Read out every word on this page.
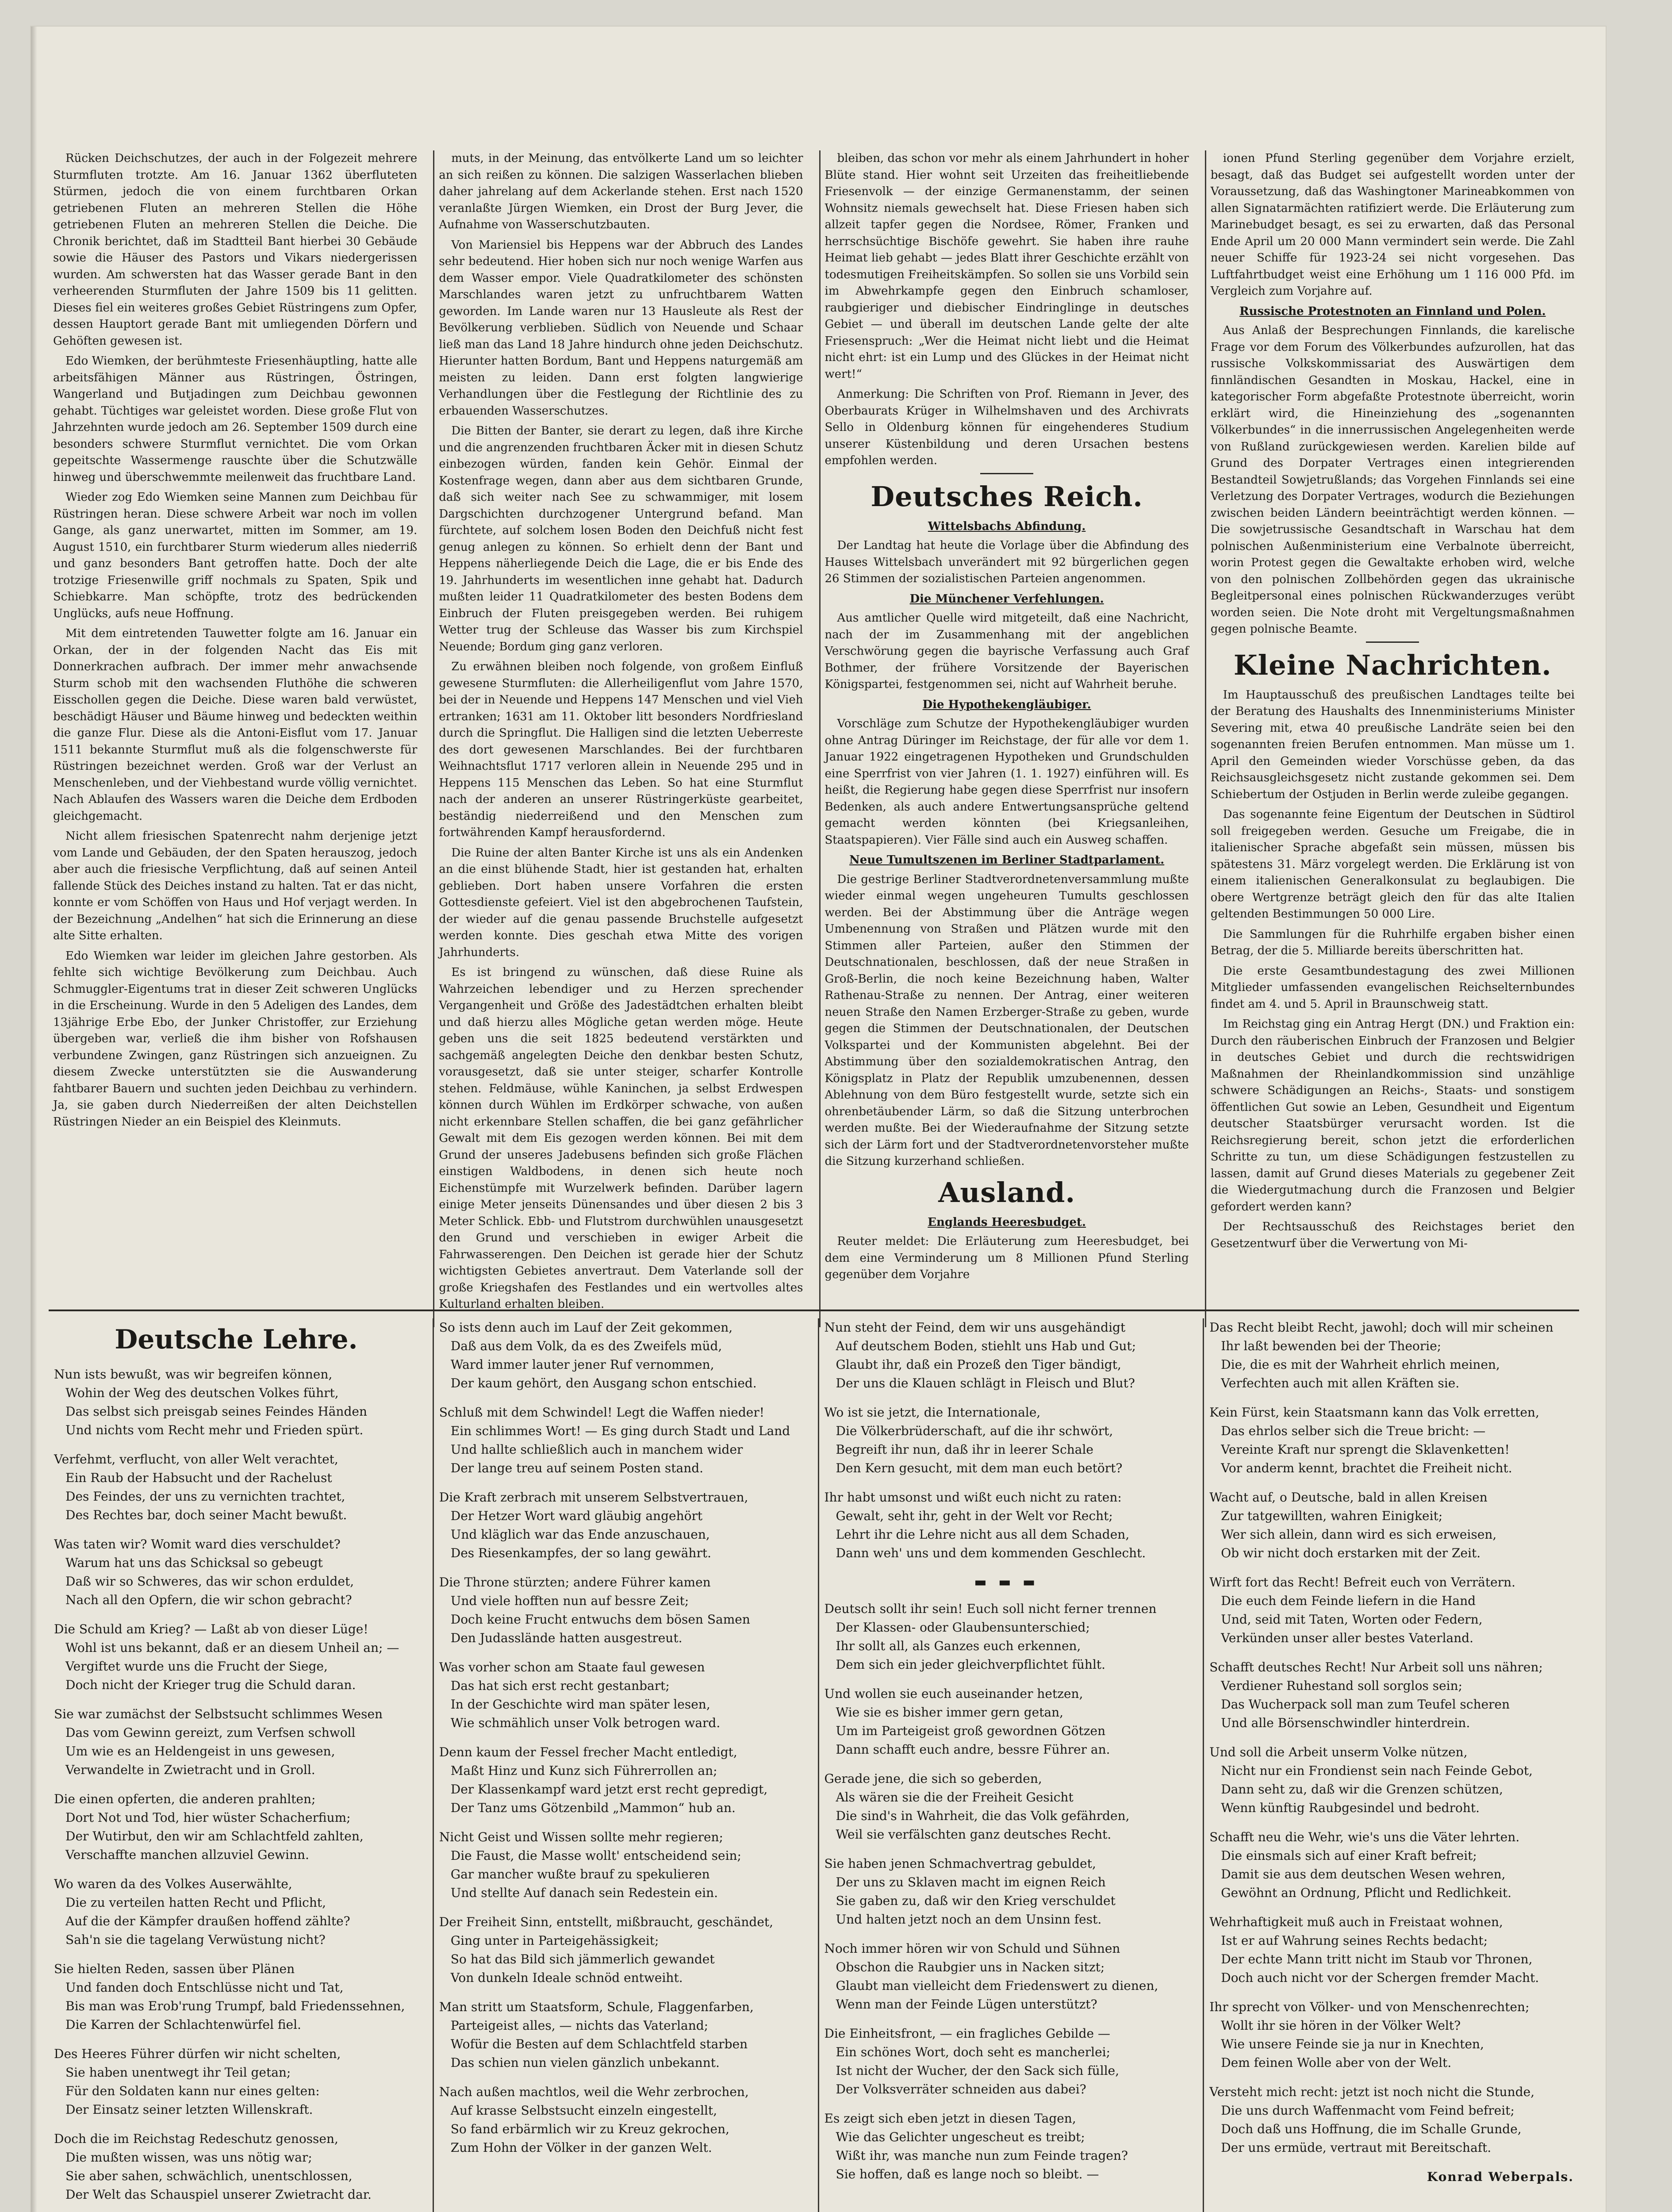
Rücken Deichschutzes, der auch in der Folgezeit mehrere Sturmfluten trotzte. Am 16. Januar 1362 überfluteten Stürmen, jedoch die von einem furchtbaren Orkan getriebenen Fluten an mehreren Stellen die Höhe getriebenen Fluten an mehreren Stellen die Deiche. Die Chronik berichtet, daß im Stadtteil Bant hierbei 30 Gebäude sowie die Häuser des Pastors und Vikars niedergerissen wurden. Am schwersten hat das Wasser gerade Bant in den verheerenden Sturmfluten der Jahre 1509 bis 11 gelitten. Dieses fiel ein weiteres großes Gebiet Rüstringens zum Opfer, dessen Hauptort gerade Bant mit umliegenden Dörfern und Gehöften gewesen ist.

Edo Wiemken, der berühmteste Friesenhäuptling, hatte alle arbeitsfähigen Männer aus Rüstringen, Östringen, Wangerland und Butjadingen zum Deichbau gewonnen gehabt. Tüchtiges war geleistet worden. Diese große Flut von Jahrzehnten wurde jedoch am 26. September 1509 durch eine besonders schwere Sturmflut vernichtet. Die vom Orkan gepeitschte Wassermenge rauschte über die Schutzwälle hinweg und überschwemmte meilenweit das fruchtbare Land.

Wieder zog Edo Wiemken seine Mannen zum Deichbau für Rüstringen heran. Diese schwere Arbeit war noch im vollen Gange, als ganz unerwartet, mitten im Sommer, am 19. August 1510, ein furchtbarer Sturm wiederum alles niederriß und ganz besonders Bant getroffen hatte. Doch der alte trotzige Friesenwille griff nochmals zu Spaten, Spik und Schiebkarre. Man schöpfte, trotz des bedrückenden Unglücks, aufs neue Hoffnung.

Mit dem eintretenden Tauwetter folgte am 16. Januar ein Orkan, der in der folgenden Nacht das Eis mit Donnerkrachen aufbrach. Der immer mehr anwachsende Sturm schob mit den wachsenden Fluthöhe die schweren Eisschollen gegen die Deiche. Diese waren bald verwüstet, beschädigt Häuser und Bäume hinweg und bedeckten weithin die ganze Flur. Diese als die Antoni-Eisflut vom 17. Januar 1511 bekannte Sturmflut muß als die folgenschwerste für Rüstringen bezeichnet werden. Groß war der Verlust an Menschenleben, und der Viehbestand wurde völlig vernichtet. Nach Ablaufen des Wassers waren die Deiche dem Erdboden gleichgemacht.

Nicht allem friesischen Spatenrecht nahm derjenige jetzt vom Lande und Gebäuden, der den Spaten herauszog, jedoch aber auch die friesische Verpflichtung, daß auf seinen Anteil fallende Stück des Deiches instand zu halten. Tat er das nicht, konnte er vom Schöffen von Haus und Hof verjagt werden. In der Bezeichnung „Andelhen“ hat sich die Erinnerung an diese alte Sitte erhalten.

Edo Wiemken war leider im gleichen Jahre gestorben. Als fehlte sich wichtige Bevölkerung zum Deichbau. Auch Schmuggler-Eigentums trat in dieser Zeit schweren Unglücks in die Erscheinung. Wurde in den 5 Adeligen des Landes, dem 13jährige Erbe Ebo, der Junker Christoffer, zur Erziehung übergeben war, verließ die ihm bisher von Rofshausen verbundene Zwingen, ganz Rüstringen sich anzueignen. Zu diesem Zwecke unterstützten sie die Auswanderung fahtbarer Bauern und suchten jeden Deichbau zu verhindern. Ja, sie gaben durch Niederreißen der alten Deichstellen Rüstringen Nieder an ein Beispiel des Kleinmuts.

muts, in der Meinung, das entvölkerte Land um so leichter an sich reißen zu können. Die salzigen Wasserlachen blieben daher jahrelang auf dem Ackerlande stehen. Erst nach 1520 veranlaßte Jürgen Wiemken, ein Drost der Burg Jever, die Aufnahme von Wasserschutzbauten.

Von Mariensiel bis Heppens war der Abbruch des Landes sehr bedeutend. Hier hoben sich nur noch wenige Warfen aus dem Wasser empor. Viele Quadratkilometer des schönsten Marschlandes waren jetzt zu unfruchtbarem Watten geworden. Im Lande waren nur 13 Hausleute als Rest der Bevölkerung verblieben. Südlich von Neuende und Schaar ließ man das Land 18 Jahre hindurch ohne jeden Deichschutz. Hierunter hatten Bordum, Bant und Heppens naturgemäß am meisten zu leiden. Dann erst folgten langwierige Verhandlungen über die Festlegung der Richtlinie des zu erbauenden Wasserschutzes.

Die Bitten der Banter, sie derart zu legen, daß ihre Kirche und die angrenzenden fruchtbaren Äcker mit in diesen Schutz einbezogen würden, fanden kein Gehör. Einmal der Kostenfrage wegen, dann aber aus dem sichtbaren Grunde, daß sich weiter nach See zu schwammiger, mit losem Dargschichten durchzogener Untergrund befand. Man fürchtete, auf solchem losen Boden den Deichfuß nicht fest genug anlegen zu können. So erhielt denn der Bant und Heppens näherliegende Deich die Lage, die er bis Ende des 19. Jahrhunderts im wesentlichen inne gehabt hat. Dadurch mußten leider 11 Quadratkilometer des besten Bodens dem Einbruch der Fluten preisgegeben werden. Bei ruhigem Wetter trug der Schleuse das Wasser bis zum Kirchspiel Neuende; Bordum ging ganz verloren.

Zu erwähnen bleiben noch folgende, von großem Einfluß gewesene Sturmfluten: die Allerheiligenflut vom Jahre 1570, bei der in Neuende und Heppens 147 Menschen und viel Vieh ertranken; 1631 am 11. Oktober litt besonders Nordfriesland durch die Springflut. Die Halligen sind die letzten Ueberreste des dort gewesenen Marschlandes. Bei der furchtbaren Weihnachtsflut 1717 verloren allein in Neuende 295 und in Heppens 115 Menschen das Leben. So hat eine Sturmflut nach der anderen an unserer Rüstringerküste gearbeitet, beständig niederreißend und den Menschen zum fortwährenden Kampf herausfordernd.

Die Ruine der alten Banter Kirche ist uns als ein Andenken an die einst blühende Stadt, hier ist gestanden hat, erhalten geblieben. Dort haben unsere Vorfahren die ersten Gottesdienste gefeiert. Viel ist den abgebrochenen Taufstein, der wieder auf die genau passende Bruchstelle aufgesetzt werden konnte. Dies geschah etwa Mitte des vorigen Jahrhunderts.

Es ist bringend zu wünschen, daß diese Ruine als Wahrzeichen lebendiger und zu Herzen sprechender Vergangenheit und Größe des Jadestädtchen erhalten bleibt und daß hierzu alles Mögliche getan werden möge. Heute geben uns die seit 1825 bedeutend verstärkten und sachgemäß angelegten Deiche den denkbar besten Schutz, vorausgesetzt, daß sie unter steiger, scharfer Kontrolle stehen. Feldmäuse, wühle Kaninchen, ja selbst Erdwespen können durch Wühlen im Erdkörper schwache, von außen nicht erkennbare Stellen schaffen, die bei ganz gefährlicher Gewalt mit dem Eis gezogen werden können. Bei mit dem Grund der unseres Jadebusens befinden sich große Flächen einstigen Waldbodens, in denen sich heute noch Eichenstümpfe mit Wurzelwerk befinden. Darüber lagern einige Meter jenseits Dünensandes und über diesen 2 bis 3 Meter Schlick. Ebb- und Flutstrom durchwühlen unausgesetzt den Grund und verschieben in ewiger Arbeit die Fahrwasserengen. Den Deichen ist gerade hier der Schutz wichtigsten Gebietes anvertraut. Dem Vaterlande soll der große Kriegshafen des Festlandes und ein wertvolles altes Kulturland erhalten bleiben.

bleiben, das schon vor mehr als einem Jahrhundert in hoher Blüte stand. Hier wohnt seit Urzeiten das freiheitliebende Friesenvolk — der einzige Germanenstamm, der seinen Wohnsitz niemals gewechselt hat. Diese Friesen haben sich allzeit tapfer gegen die Nordsee, Römer, Franken und herrschsüchtige Bischöfe gewehrt. Sie haben ihre rauhe Heimat lieb gehabt — jedes Blatt ihrer Geschichte erzählt von todesmutigen Freiheitskämpfen. So sollen sie uns Vorbild sein im Abwehrkampfe gegen den Einbruch schamloser, raubgieriger und diebischer Eindringlinge in deutsches Gebiet — und überall im deutschen Lande gelte der alte Friesenspruch: „Wer die Heimat nicht liebt und die Heimat nicht ehrt: ist ein Lump und des Glückes in der Heimat nicht wert!“

Anmerkung: Die Schriften von Prof. Riemann in Jever, des Oberbaurats Krüger in Wilhelmshaven und des Archivrats Sello in Oldenburg können für eingehenderes Studium unserer Küstenbildung und deren Ursachen bestens empfohlen werden.

Deutsches Reich.
Wittelsbachs Abfindung.

Der Landtag hat heute die Vorlage über die Abfindung des Hauses Wittelsbach unverändert mit 92 bürgerlichen gegen 26 Stimmen der sozialistischen Parteien angenommen.

Die Münchener Verfehlungen.

Aus amtlicher Quelle wird mitgeteilt, daß eine Nachricht, nach der im Zusammenhang mit der angeblichen Verschwörung gegen die bayrische Verfassung auch Graf Bothmer, der frühere Vorsitzende der Bayerischen Königspartei, festgenommen sei, nicht auf Wahrheit beruhe.

Die Hypothekengläubiger.

Vorschläge zum Schutze der Hypothekengläubiger wurden ohne Antrag Düringer im Reichstage, der für alle vor dem 1. Januar 1922 eingetragenen Hypotheken und Grundschulden eine Sperrfrist von vier Jahren (1. 1. 1927) einführen will. Es heißt, die Regierung habe gegen diese Sperrfrist nur insofern Bedenken, als auch andere Entwertungsansprüche geltend gemacht werden könnten (bei Kriegsanleihen, Staatspapieren). Vier Fälle sind auch ein Ausweg schaffen.

Neue Tumultszenen im Berliner Stadtparlament.

Die gestrige Berliner Stadtverordnetenversammlung mußte wieder einmal wegen ungeheuren Tumults geschlossen werden. Bei der Abstimmung über die Anträge wegen Umbenennung von Straßen und Plätzen wurde mit den Stimmen aller Parteien, außer den Stimmen der Deutschnationalen, beschlossen, daß der neue Straßen in Groß-Berlin, die noch keine Bezeichnung haben, Walter Rathenau-Straße zu nennen. Der Antrag, einer weiteren neuen Straße den Namen Erzberger-Straße zu geben, wurde gegen die Stimmen der Deutschnationalen, der Deutschen Volkspartei und der Kommunisten abgelehnt. Bei der Abstimmung über den sozialdemokratischen Antrag, den Königsplatz in Platz der Republik umzubenennen, dessen Ablehnung von dem Büro festgestellt wurde, setzte sich ein ohrenbetäubender Lärm, so daß die Sitzung unterbrochen werden mußte. Bei der Wiederaufnahme der Sitzung setzte sich der Lärm fort und der Stadtverordnetenvorsteher mußte die Sitzung kurzerhand schließen.

Ausland.
Englands Heeresbudget.

Reuter meldet: Die Erläuterung zum Heeresbudget, bei dem eine Verminderung um 8 Millionen Pfund Sterling gegenüber dem Vorjahre

ionen Pfund Sterling gegenüber dem Vorjahre erzielt, besagt, daß das Budget sei aufgestellt worden unter der Voraussetzung, daß das Washingtoner Marineabkommen von allen Signatarmächten ratifiziert werde. Die Erläuterung zum Marinebudget besagt, es sei zu erwarten, daß das Personal Ende April um 20 000 Mann vermindert sein werde. Die Zahl neuer Schiffe für 1923-24 sei nicht vorgesehen. Das Luftfahrtbudget weist eine Erhöhung um 1 116 000 Pfd. im Vergleich zum Vorjahre auf.

Russische Protestnoten an Finnland und Polen.

Aus Anlaß der Besprechungen Finnlands, die karelische Frage vor dem Forum des Völkerbundes aufzurollen, hat das russische Volkskommissariat des Auswärtigen dem finnländischen Gesandten in Moskau, Hackel, eine in kategorischer Form abgefaßte Protestnote überreicht, worin erklärt wird, die Hineinziehung des „sogenannten Völkerbundes“ in die innerrussischen Angelegenheiten werde von Rußland zurückgewiesen werden. Karelien bilde auf Grund des Dorpater Vertrages einen integrierenden Bestandteil Sowjetrußlands; das Vorgehen Finnlands sei eine Verletzung des Dorpater Vertrages, wodurch die Beziehungen zwischen beiden Ländern beeinträchtigt werden können. — Die sowjetrussische Gesandtschaft in Warschau hat dem polnischen Außenministerium eine Verbalnote überreicht, worin Protest gegen die Gewaltakte erhoben wird, welche von den polnischen Zollbehörden gegen das ukrainische Begleitpersonal eines polnischen Rückwanderzuges verübt worden seien. Die Note droht mit Vergeltungsmaßnahmen gegen polnische Beamte.

Kleine Nachrichten.

Im Hauptausschuß des preußischen Landtages teilte bei der Beratung des Haushalts des Innenministeriums Minister Severing mit, etwa 40 preußische Landräte seien bei den sogenannten freien Berufen entnommen. Man müsse um 1. April den Gemeinden wieder Vorschüsse geben, da das Reichsausgleichsgesetz nicht zustande gekommen sei. Dem Schiebertum der Ostjuden in Berlin werde zuleibe gegangen.

Das sogenannte feine Eigentum der Deutschen in Südtirol soll freigegeben werden. Gesuche um Freigabe, die in italienischer Sprache abgefaßt sein müssen, müssen bis spätestens 31. März vorgelegt werden. Die Erklärung ist von einem italienischen Generalkonsulat zu beglaubigen. Die obere Wertgrenze beträgt gleich den für das alte Italien geltenden Bestimmungen 50 000 Lire.

Die Sammlungen für die Ruhrhilfe ergaben bisher einen Betrag, der die 5. Milliarde bereits überschritten hat.

Die erste Gesamtbundestagung des zwei Millionen Mitglieder umfassenden evangelischen Reichselternbundes findet am 4. und 5. April in Braunschweig statt.

Im Reichstag ging ein Antrag Hergt (DN.) und Fraktion ein: Durch den räuberischen Einbruch der Franzosen und Belgier in deutsches Gebiet und durch die rechtswidrigen Maßnahmen der Rheinlandkommission sind unzählige schwere Schädigungen an Reichs-, Staats- und sonstigem öffentlichen Gut sowie an Leben, Gesundheit und Eigentum deutscher Staatsbürger verursacht worden. Ist die Reichsregierung bereit, schon jetzt die erforderlichen Schritte zu tun, um diese Schädigungen festzustellen zu lassen, damit auf Grund dieses Materials zu gegebener Zeit die Wiedergutmachung durch die Franzosen und Belgier gefordert werden kann?

Der Rechtsausschuß des Reichstages beriet den Gesetzentwurf über die Verwertung von Mi-

Deutsche Lehre.
Nun ists bewußt, was wir begreifen können,
Wohin der Weg des deutschen Volkes führt,
Das selbst sich preisgab seines Feindes Händen
Und nichts vom Recht mehr und Frieden spürt.
Verfehmt, verflucht, von aller Welt verachtet,
Ein Raub der Habsucht und der Rachelust
Des Feindes, der uns zu vernichten trachtet,
Des Rechtes bar, doch seiner Macht bewußt.
Was taten wir? Womit ward dies verschuldet?
Warum hat uns das Schicksal so gebeugt
Daß wir so Schweres, das wir schon erduldet,
Nach all den Opfern, die wir schon gebracht?
Die Schuld am Krieg? — Laßt ab von dieser Lüge!
Wohl ist uns bekannt, daß er an diesem Unheil an; —
Vergiftet wurde uns die Frucht der Siege,
Doch nicht der Krieger trug die Schuld daran.
Sie war zumächst der Selbstsucht schlimmes Wesen
Das vom Gewinn gereizt, zum Verfsen schwoll
Um wie es an Heldengeist in uns gewesen,
Verwandelte in Zwietracht und in Groll.
Die einen opferten, die anderen prahlten;
Dort Not und Tod, hier wüster Schacherfium;
Der Wutirbut, den wir am Schlachtfeld zahlten,
Verschaffte manchen allzuviel Gewinn.
Wo waren da des Volkes Auserwählte,
Die zu verteilen hatten Recht und Pflicht,
Auf die der Kämpfer draußen hoffend zählte?
Sah'n sie die tagelang Verwüstung nicht?
Sie hielten Reden, sassen über Plänen
Und fanden doch Entschlüsse nicht und Tat,
Bis man was Erob'rung Trumpf, bald Friedenssehnen,
Die Karren der Schlachtenwürfel fiel.
Des Heeres Führer dürfen wir nicht schelten,
Sie haben unentwegt ihr Teil getan;
Für den Soldaten kann nur eines gelten:
Der Einsatz seiner letzten Willenskraft.
Doch die im Reichstag Redeschutz genossen,
Die mußten wissen, was uns nötig war;
Sie aber sahen, schwächlich, unentschlossen,
Der Welt das Schauspiel unserer Zwietracht dar.
So ists denn auch im Lauf der Zeit gekommen,
Daß aus dem Volk, da es des Zweifels müd,
Ward immer lauter jener Ruf vernommen,
Der kaum gehört, den Ausgang schon entschied.
Schluß mit dem Schwindel! Legt die Waffen nieder!
Ein schlimmes Wort! — Es ging durch Stadt und Land
Und hallte schließlich auch in manchem wider
Der lange treu auf seinem Posten stand.
Die Kraft zerbrach mit unserem Selbstvertrauen,
Der Hetzer Wort ward gläubig angehört
Und kläglich war das Ende anzuschauen,
Des Riesenkampfes, der so lang gewährt.
Die Throne stürzten; andere Führer kamen
Und viele hofften nun auf bessre Zeit;
Doch keine Frucht entwuchs dem bösen Samen
Den Judasslände hatten ausgestreut.
Was vorher schon am Staate faul gewesen
Das hat sich erst recht gestanbart;
In der Geschichte wird man später lesen,
Wie schmählich unser Volk betrogen ward.
Denn kaum der Fessel frecher Macht entledigt,
Maßt Hinz und Kunz sich Führerrollen an;
Der Klassenkampf ward jetzt erst recht gepredigt,
Der Tanz ums Götzenbild „Mammon“ hub an.
Nicht Geist und Wissen sollte mehr regieren;
Die Faust, die Masse wollt' entscheidend sein;
Gar mancher wußte brauf zu spekulieren
Und stellte Auf danach sein Redestein ein.
Der Freiheit Sinn, entstellt, mißbraucht, geschändet,
Ging unter in Parteigehässigkeit;
So hat das Bild sich jämmerlich gewandet
Von dunkeln Ideale schnöd entweiht.
Man stritt um Staatsform, Schule, Flaggenfarben,
Parteigeist alles, — nichts das Vaterland;
Wofür die Besten auf dem Schlachtfeld starben
Das schien nun vielen gänzlich unbekannt.
Nach außen machtlos, weil die Wehr zerbrochen,
Auf krasse Selbstsucht einzeln eingestellt,
So fand erbärmlich wir zu Kreuz gekrochen,
Zum Hohn der Völker in der ganzen Welt.
Nun steht der Feind, dem wir uns ausgehändigt
Auf deutschem Boden, stiehlt uns Hab und Gut;
Glaubt ihr, daß ein Prozeß den Tiger bändigt,
Der uns die Klauen schlägt in Fleisch und Blut?
Wo ist sie jetzt, die Internationale,
Die Völkerbrüderschaft, auf die ihr schwört,
Begreift ihr nun, daß ihr in leerer Schale
Den Kern gesucht, mit dem man euch betört?
Ihr habt umsonst und wißt euch nicht zu raten:
Gewalt, seht ihr, geht in der Welt vor Recht;
Lehrt ihr die Lehre nicht aus all dem Schaden,
Dann weh' uns und dem kommenden Geschlecht.
▬ ▬ ▬
Deutsch sollt ihr sein! Euch soll nicht ferner trennen
Der Klassen- oder Glaubensunterschied;
Ihr sollt all, als Ganzes euch erkennen,
Dem sich ein jeder gleichverpflichtet fühlt.
Und wollen sie euch auseinander hetzen,
Wie sie es bisher immer gern getan,
Um im Parteigeist groß gewordnen Götzen
Dann schafft euch andre, bessre Führer an.
Gerade jene, die sich so geberden,
Als wären sie die der Freiheit Gesicht
Die sind's in Wahrheit, die das Volk gefährden,
Weil sie verfälschten ganz deutsches Recht.
Sie haben jenen Schmachvertrag gebuldet,
Der uns zu Sklaven macht im eignen Reich
Sie gaben zu, daß wir den Krieg verschuldet
Und halten jetzt noch an dem Unsinn fest.
Noch immer hören wir von Schuld und Sühnen
Obschon die Raubgier uns in Nacken sitzt;
Glaubt man vielleicht dem Friedenswert zu dienen,
Wenn man der Feinde Lügen unterstützt?
Die Einheitsfront, — ein fragliches Gebilde —
Ein schönes Wort, doch seht es mancherlei;
Ist nicht der Wucher, der den Sack sich fülle,
Der Volksverräter schneiden aus dabei?
Es zeigt sich eben jetzt in diesen Tagen,
Wie das Gelichter ungescheut es treibt;
Wißt ihr, was manche nun zum Feinde tragen?
Sie hoffen, daß es lange noch so bleibt. —
Das Recht bleibt Recht, jawohl; doch will mir scheinen
Ihr laßt bewenden bei der Theorie;
Die, die es mit der Wahrheit ehrlich meinen,
Verfechten auch mit allen Kräften sie.
Kein Fürst, kein Staatsmann kann das Volk erretten,
Das ehrlos selber sich die Treue bricht: —
Vereinte Kraft nur sprengt die Sklavenketten!
Vor anderm kennt, brachtet die Freiheit nicht.
Wacht auf, o Deutsche, bald in allen Kreisen
Zur tatgewillten, wahren Einigkeit;
Wer sich allein, dann wird es sich erweisen,
Ob wir nicht doch erstarken mit der Zeit.
Wirft fort das Recht! Befreit euch von Verrätern.
Die euch dem Feinde liefern in die Hand
Und, seid mit Taten, Worten oder Federn,
Verkünden unser aller bestes Vaterland.
Schafft deutsches Recht! Nur Arbeit soll uns nähren;
Verdiener Ruhestand soll sorglos sein;
Das Wucherpack soll man zum Teufel scheren
Und alle Börsenschwindler hinterdrein.
Und soll die Arbeit unserm Volke nützen,
Nicht nur ein Frondienst sein nach Feinde Gebot,
Dann seht zu, daß wir die Grenzen schützen,
Wenn künftig Raubgesindel und bedroht.
Schafft neu die Wehr, wie's uns die Väter lehrten.
Die einsmals sich auf einer Kraft befreit;
Damit sie aus dem deutschen Wesen wehren,
Gewöhnt an Ordnung, Pflicht und Redlichkeit.
Wehrhaftigkeit muß auch in Freistaat wohnen,
Ist er auf Wahrung seines Rechts bedacht;
Der echte Mann tritt nicht im Staub vor Thronen,
Doch auch nicht vor der Schergen fremder Macht.
Ihr sprecht von Völker- und von Menschenrechten;
Wollt ihr sie hören in der Völker Welt?
Wie unsere Feinde sie ja nur in Knechten,
Dem feinen Wolle aber von der Welt.
Versteht mich recht: jetzt ist noch nicht die Stunde,
Die uns durch Waffenmacht vom Feind befreit;
Doch daß uns Hoffnung, die im Schalle Grunde,
Der uns ermüde, vertraut mit Bereitschaft.
Konrad Weberpals.
